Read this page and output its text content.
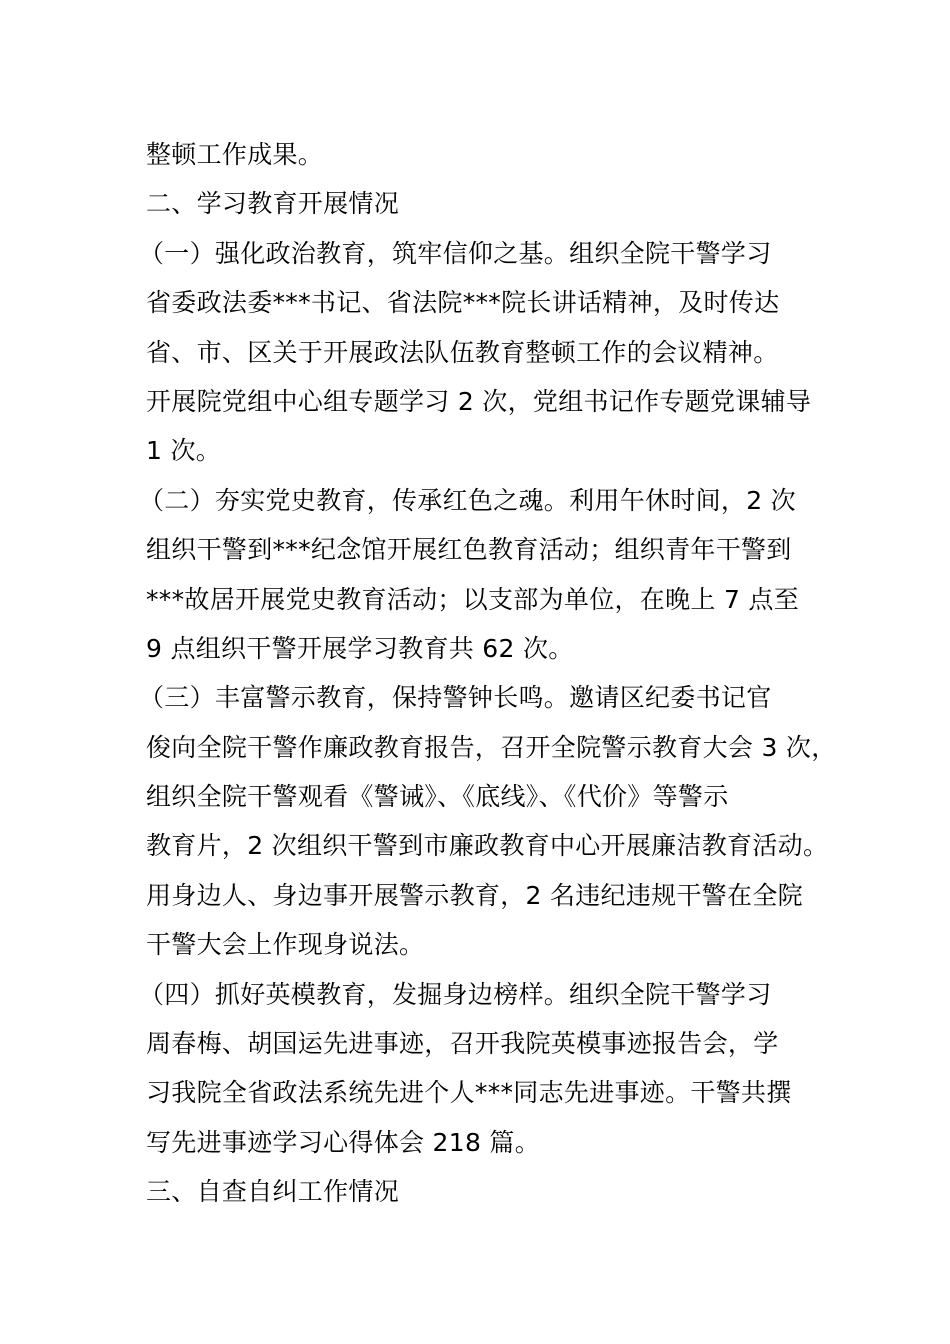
整顿工作成果。
二、学习教育开展情况
（一）强化政治教育，筑牢信仰之基。组织全院干警学习
省委政法委***书记、省法院***院长讲话精神，及时传达
省、市、区关于开展政法队伍教育整顿工作的会议精神。
开展院党组中心组专题学习 2 次，党组书记作专题党课辅导
1 次。
（二）夯实党史教育，传承红色之魂。利用午休时间，2 次
组织干警到***纪念馆开展红色教育活动；组织青年干警到
***故居开展党史教育活动；以支部为单位，在晚上 7 点至
9 点组织干警开展学习教育共 62 次。
（三）丰富警示教育，保持警钟长鸣。邀请区纪委书记官
俊向全院干警作廉政教育报告，召开全院警示教育大会 3 次，
组织全院干警观看《警诫》、《底线》、《代价》等警示
教育片，2 次组织干警到市廉政教育中心开展廉洁教育活动。
用身边人、身边事开展警示教育，2 名违纪违规干警在全院
干警大会上作现身说法。
（四）抓好英模教育，发掘身边榜样。组织全院干警学习
周春梅、胡国运先进事迹，召开我院英模事迹报告会，学
习我院全省政法系统先进个人***同志先进事迹。干警共撰
写先进事迹学习心得体会 218 篇。
三、自查自纠工作情况
